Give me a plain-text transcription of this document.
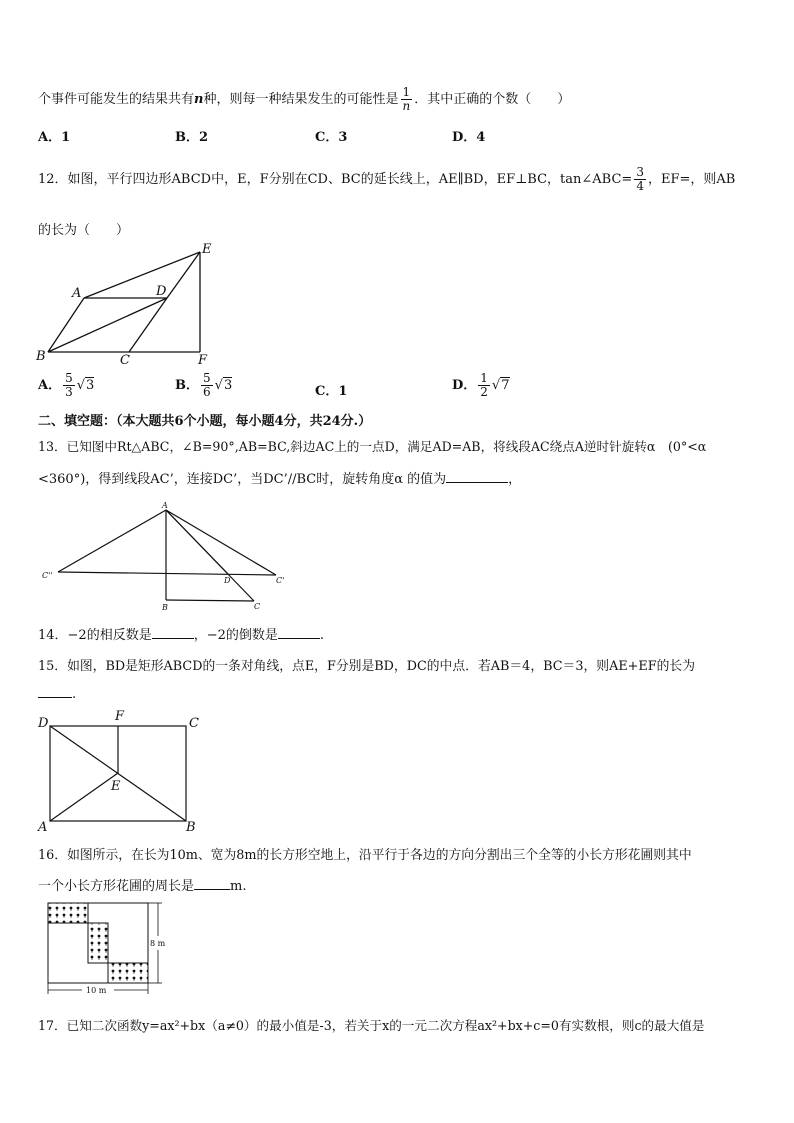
个事件可能发生的结果共有n种，则每一种结果发生的可能性是 $\frac{1}{n}$ ．其中正确的个数（　　）
A．1	B．2	C．3	D．4
12．如图，平行四边形ABCD中，E，F分别在CD、BC的延长线上，AE∥BD，EF⊥BC，tan∠ABC= $\frac{3}{4}$ ，EF=，则AB
的长为（　　）
A	D
E
B	C	F
A． $\frac{5}{3} √3$	B． $\frac{5}{6} √3$	C．1	D． $\frac{1}{2} √7$
二、填空题：（本大题共6个小题，每小题4分，共24分.）
13．已知图中Rt△ABC，∠B=90°,AB=BC,斜边AC上的一点D，满足AD=AB，将线段AC绕点A逆时针旋转α　(0°<α
<360°)，得到线段AC’，连接DC’，当DC’//BC时，旋转角度α 的值为	，
A
D
C''
C'
B	C
14．−2的相反数是	，−2的倒数是	.
15．如图，BD是矩形ABCD的一条对角线，点E，F分别是BD，DC的中点．若AB＝4，BC＝3，则AE+EF的长为
.
D	F	C
E
A	B
16．如图所示，在长为10m、宽为8m的长方形空地上，沿平行于各边的方向分割出三个全等的小长方形花圃则其中
一个小长方形花圃的周长是	m.
8 m
10 m
17．已知二次函数y=ax²+bx（a≠0）的最小值是-3，若关于x的一元二次方程ax²+bx+c=0有实数根，则c的最大值是
